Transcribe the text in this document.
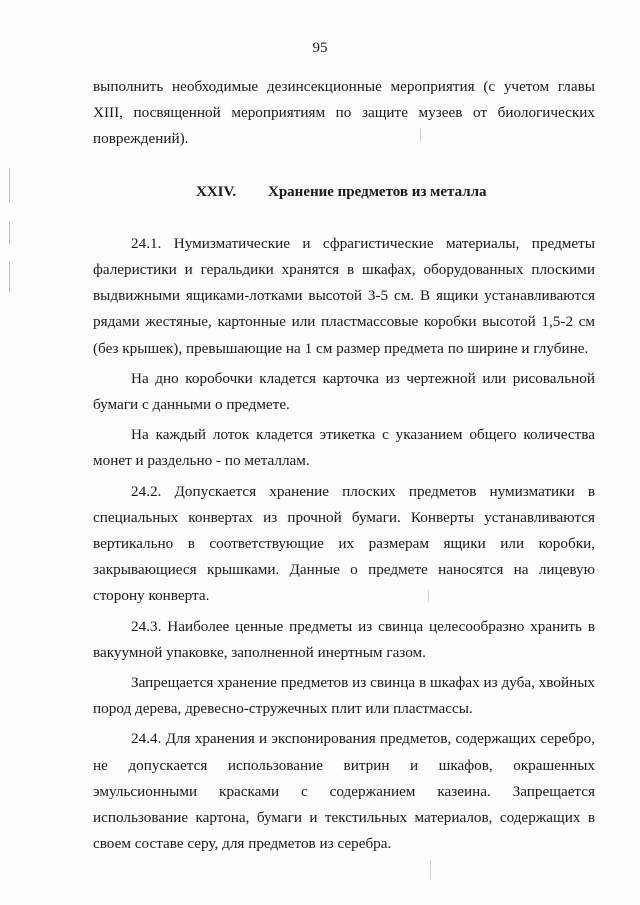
95

выполнить необходимые дезинсекционные мероприятия (с учетом главы XIII, посвященной мероприятиям по защите музеев от биологических повреждений).

XXIV. Хранение предметов из металла

24.1. Нумизматические и сфрагистические материалы, предметы фалеристики и геральдики хранятся в шкафах, оборудованных плоскими выдвижными ящиками-лотками высотой 3-5 см. В ящики устанавливаются рядами жестяные, картонные или пластмассовые коробки высотой 1,5-2 см (без крышек), превышающие на 1 см размер предмета по ширине и глубине.

На дно коробочки кладется карточка из чертежной или рисовальной бумаги с данными о предмете.

На каждый лоток кладется этикетка с указанием общего количества монет и раздельно - по металлам.

24.2. Допускается хранение плоских предметов нумизматики в специальных конвертах из прочной бумаги. Конверты устанавливаются вертикально в соответствующие их размерам ящики или коробки, закрывающиеся крышками. Данные о предмете наносятся на лицевую сторону конверта.

24.3. Наиболее ценные предметы из свинца целесообразно хранить в вакуумной упаковке, заполненной инертным газом.

Запрещается хранение предметов из свинца в шкафах из дуба, хвойных пород дерева, древесно-стружечных плит или пластмассы.

24.4. Для хранения и экспонирования предметов, содержащих серебро, не допускается использование витрин и шкафов, окрашенных эмульсионными красками с содержанием казеина. Запрещается использование картона, бумаги и текстильных материалов, содержащих в своем составе серу, для предметов из серебра.
